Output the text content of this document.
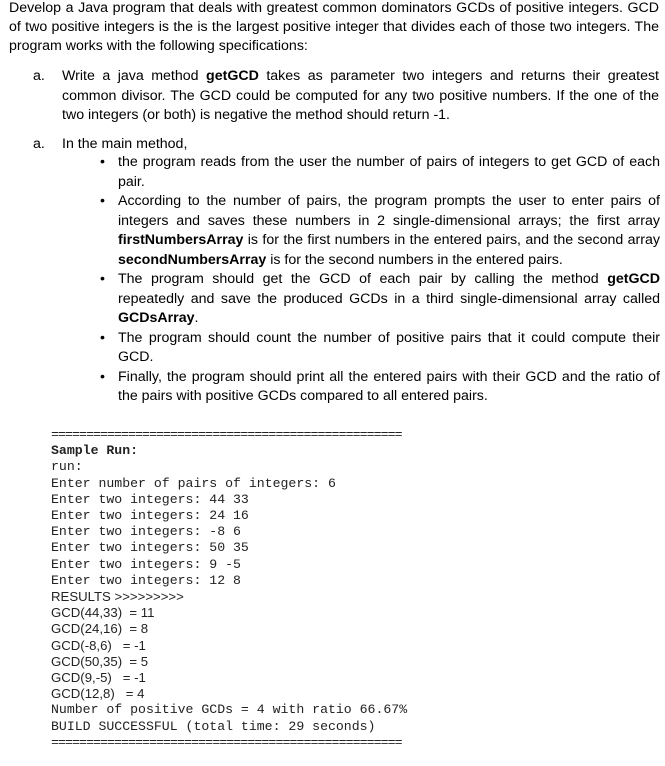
Develop a Java program that deals with greatest common dominators GCDs of positive integers. GCD of two positive integers is the is the largest positive integer that divides each of those two integers. The program works with the following specifications:
a. Write a java method getGCD takes as parameter two integers and returns their greatest common divisor. The GCD could be computed for any two positive numbers. If the one of the two integers (or both) is negative the method should return -1.
a. In the main method,
• the program reads from the user the number of pairs of integers to get GCD of each pair.
• According to the number of pairs, the program prompts the user to enter pairs of integers and saves these numbers in 2 single-dimensional arrays; the first array firstNumbersArray is for the first numbers in the entered pairs, and the second array secondNumbersArray is for the second numbers in the entered pairs.
• The program should get the GCD of each pair by calling the method getGCD repeatedly and save the produced GCDs in a third single-dimensional array called GCDsArray.
• The program should count the number of positive pairs that it could compute their GCD.
• Finally, the program should print all the entered pairs with their GCD and the ratio of the pairs with positive GCDs compared to all entered pairs.
==================================================
Sample Run:
run:
Enter number of pairs of integers: 6
Enter two integers: 44 33
Enter two integers: 24 16
Enter two integers: -8 6
Enter two integers: 50 35
Enter two integers: 9 -5
Enter two integers: 12 8
RESULTS >>>>>>>>>
GCD(44,33)  = 11
GCD(24,16)  = 8
GCD(-8,6)   = -1
GCD(50,35)  = 5
GCD(9,-5)   = -1
GCD(12,8)   = 4
Number of positive GCDs = 4 with ratio 66.67%
BUILD SUCCESSFUL (total time: 29 seconds)
==================================================
